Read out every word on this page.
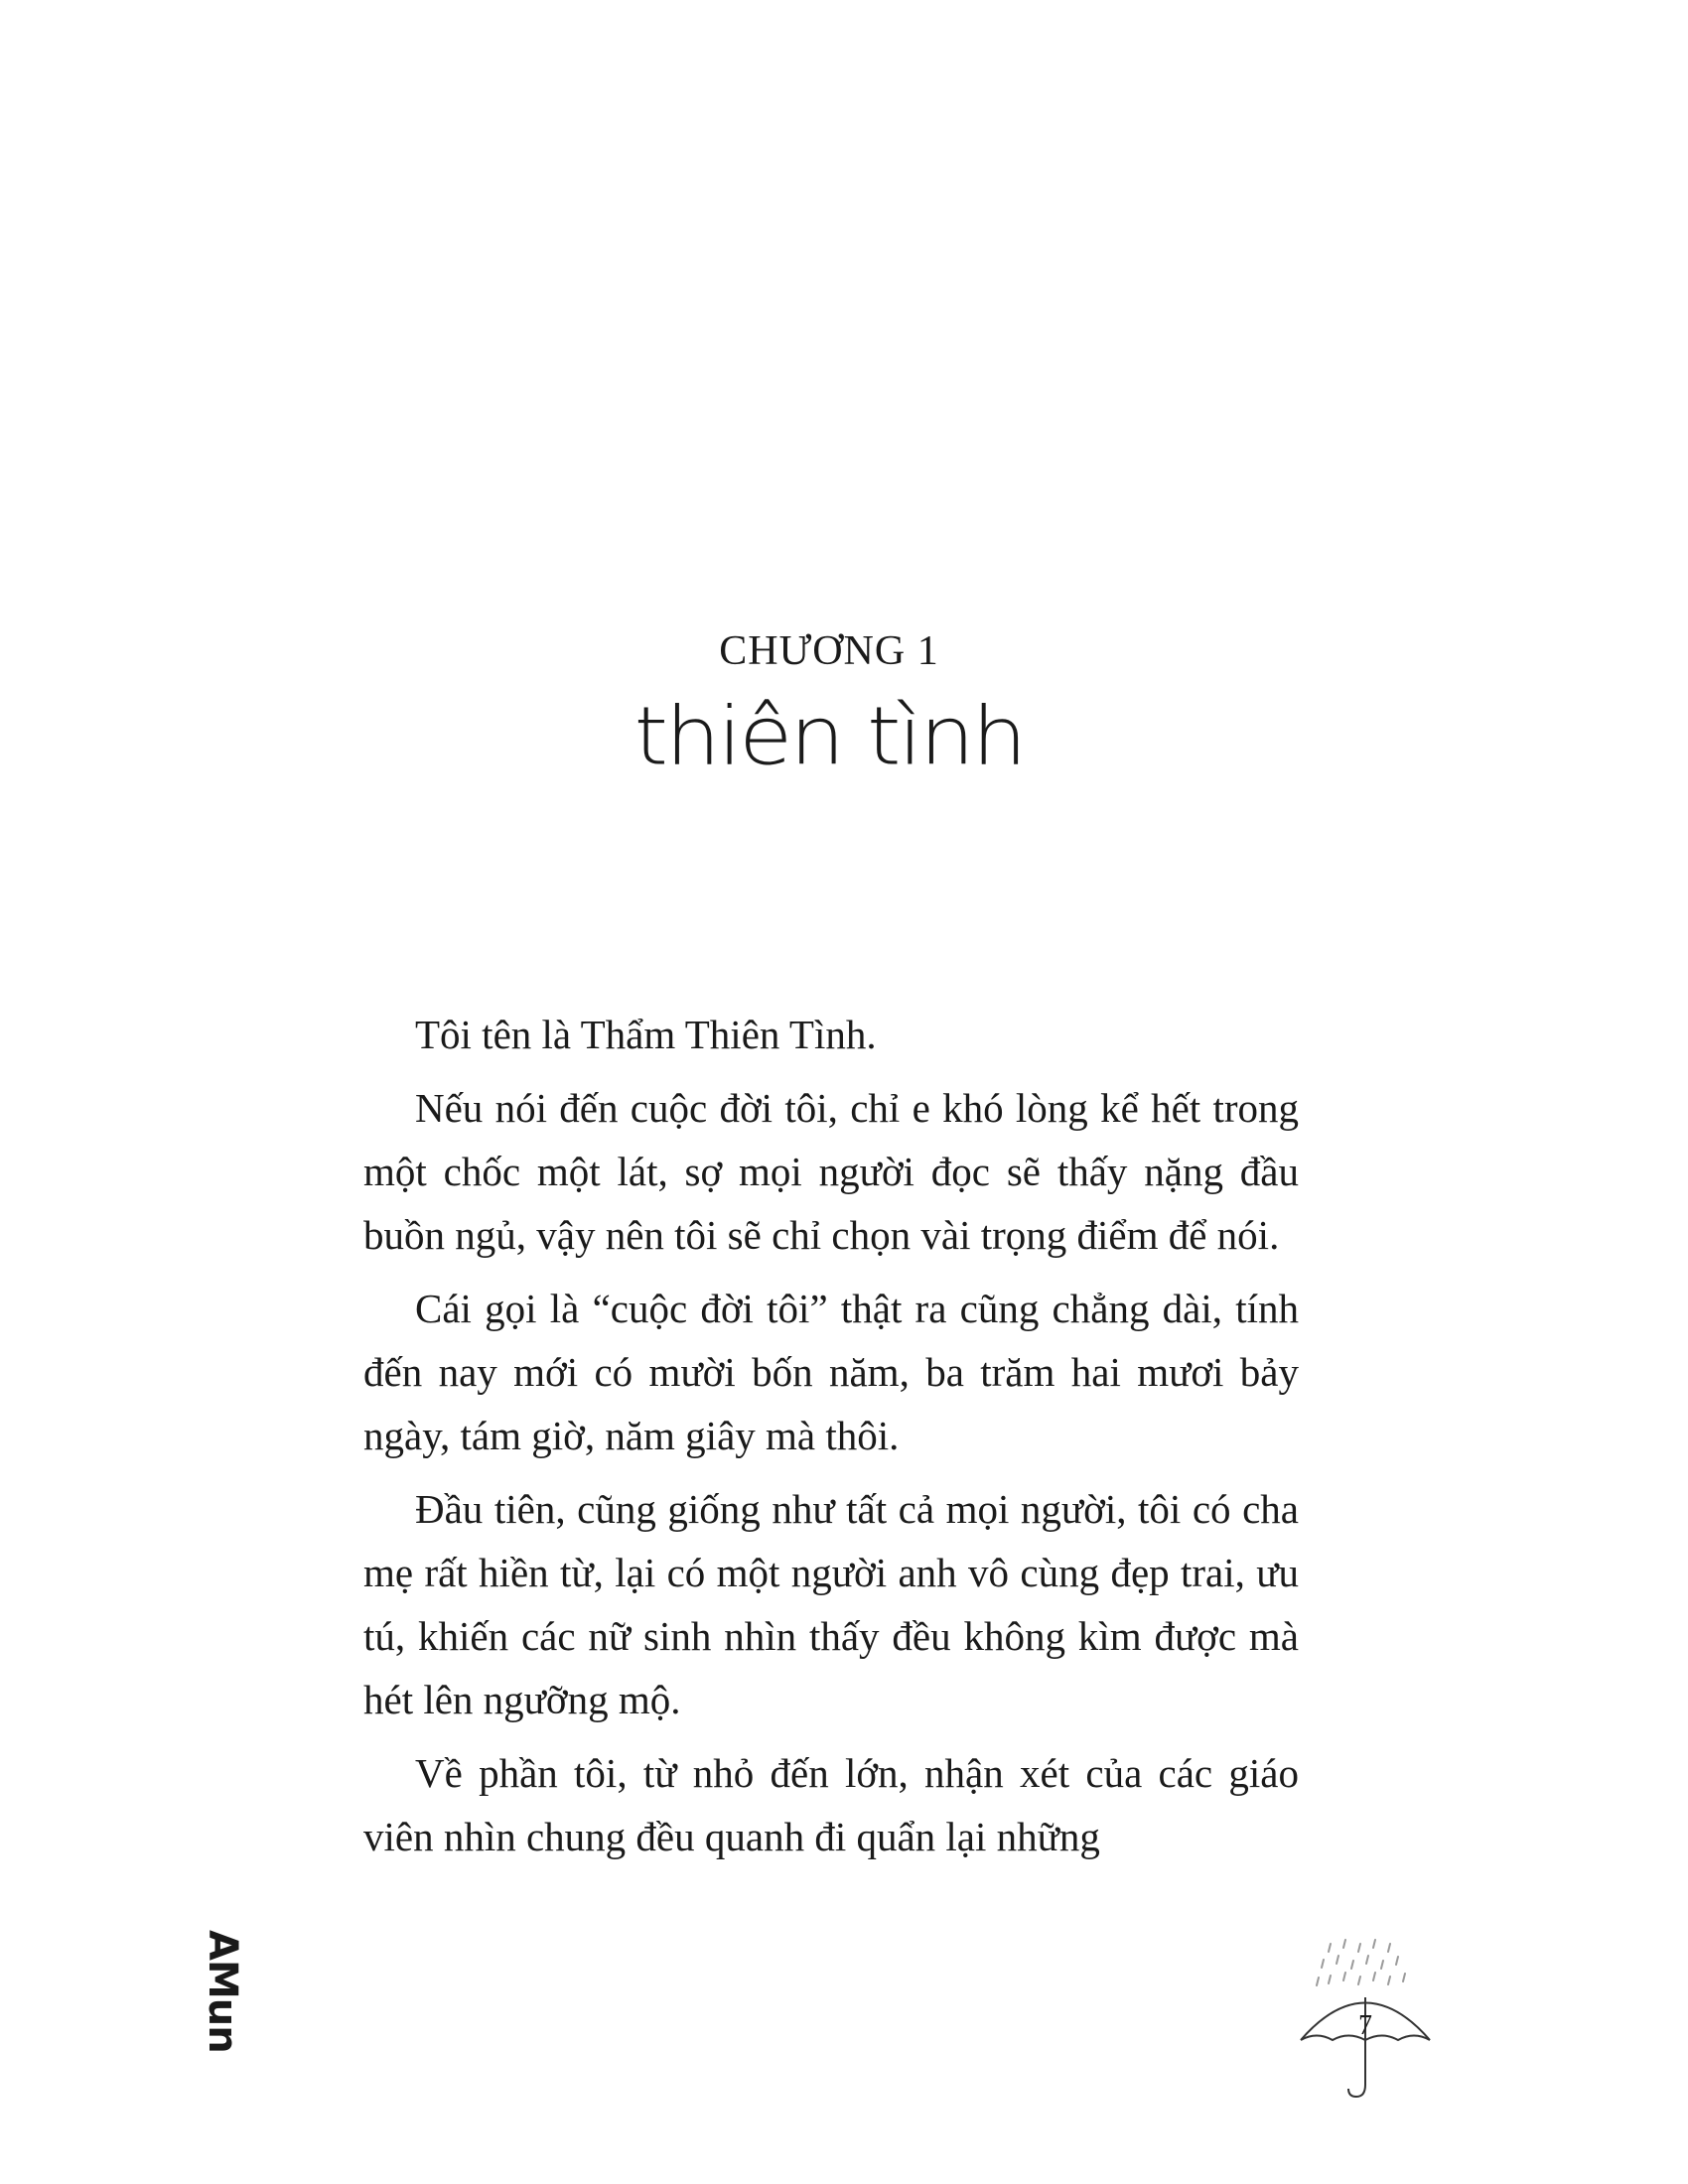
CHƯƠNG 1
thiên tình

Tôi tên là Thẩm Thiên Tình.

Nếu nói đến cuộc đời tôi, chỉ e khó lòng kể hết trong một chốc một lát, sợ mọi người đọc sẽ thấy nặng đầu buồn ngủ, vậy nên tôi sẽ chỉ chọn vài trọng điểm để nói.

Cái gọi là “cuộc đời tôi” thật ra cũng chẳng dài, tính đến nay mới có mười bốn năm, ba trăm hai mươi bảy ngày, tám giờ, năm giây mà thôi.

Đầu tiên, cũng giống như tất cả mọi người, tôi có cha mẹ rất hiền từ, lại có một người anh vô cùng đẹp trai, ưu tú, khiến các nữ sinh nhìn thấy đều không kìm được mà hét lên ngưỡng mộ.

Về phần tôi, từ nhỏ đến lớn, nhận xét của các giáo viên nhìn chung đều quanh đi quẩn lại những

AMun	7
